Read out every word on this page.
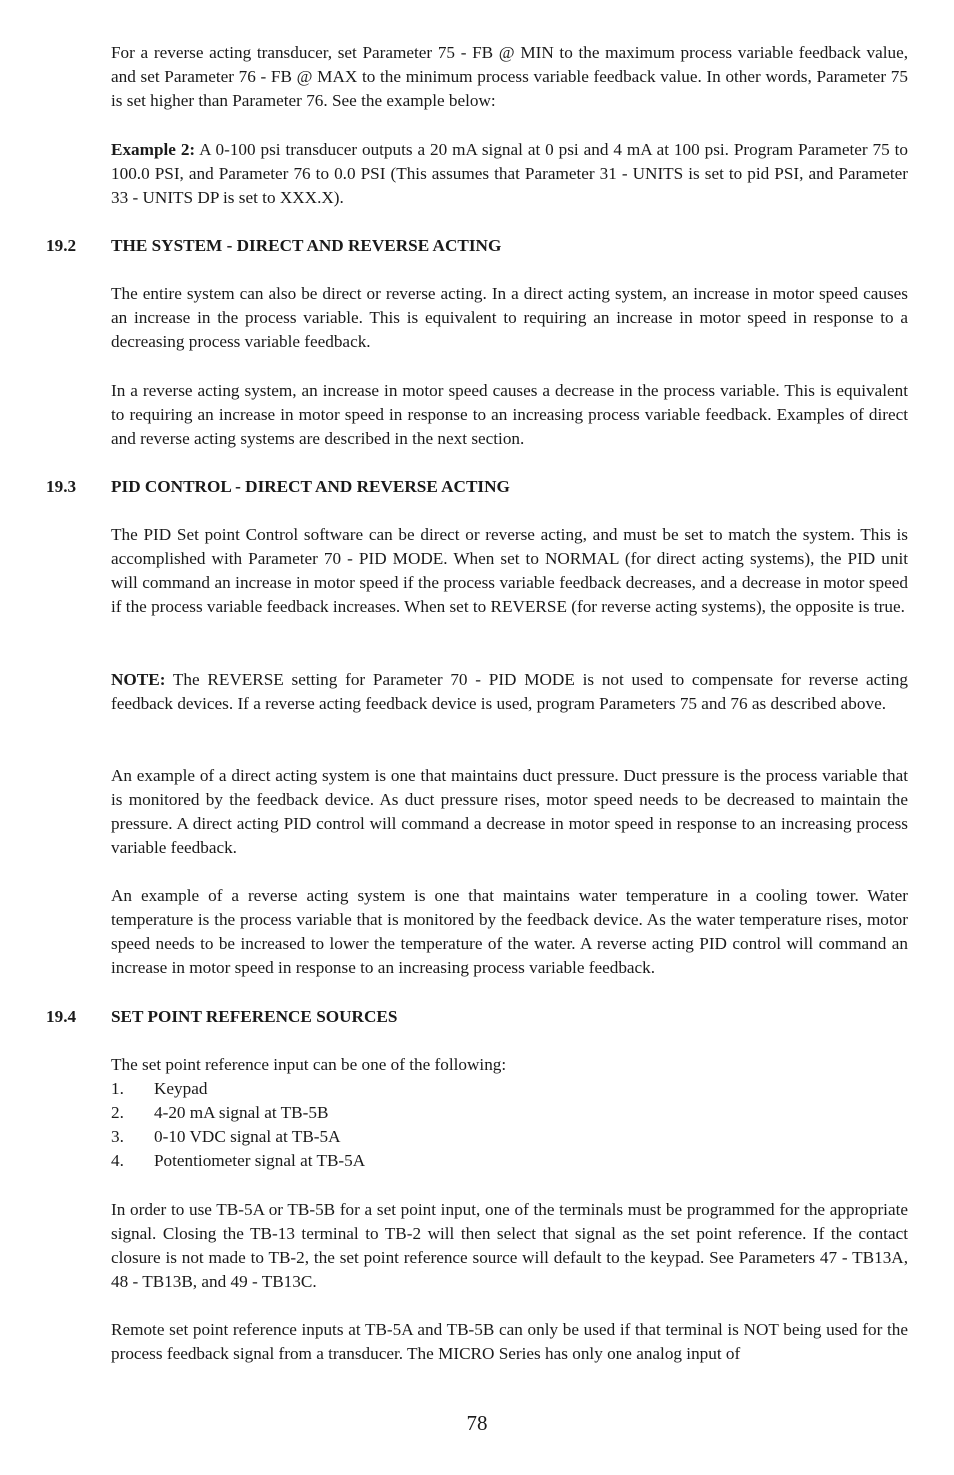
For a reverse acting transducer, set Parameter 75 - FB @ MIN to the maximum process variable feedback value, and set Parameter 76 - FB @ MAX to the minimum process variable feedback value. In other words, Parameter 75 is set higher than Parameter 76. See the example below:

Example 2: A 0-100 psi transducer outputs a 20 mA signal at 0 psi and 4 mA at 100 psi. Program Parameter 75 to 100.0 PSI, and Parameter 76 to 0.0 PSI (This assumes that Parameter 31 - UNITS is set to pid PSI, and Parameter 33 - UNITS DP is set to XXX.X).

19.2 THE SYSTEM - DIRECT AND REVERSE ACTING

The entire system can also be direct or reverse acting. In a direct acting system, an increase in motor speed causes an increase in the process variable. This is equivalent to requiring an increase in motor speed in response to a decreasing process variable feedback.

In a reverse acting system, an increase in motor speed causes a decrease in the process variable. This is equivalent to requiring an increase in motor speed in response to an increasing process variable feedback. Examples of direct and reverse acting systems are described in the next section.

19.3 PID CONTROL - DIRECT AND REVERSE ACTING

The PID Set point Control software can be direct or reverse acting, and must be set to match the system. This is accomplished with Parameter 70 - PID MODE. When set to NORMAL (for direct acting systems), the PID unit will command an increase in motor speed if the process variable feedback decreases, and a decrease in motor speed if the process variable feedback increases. When set to REVERSE (for reverse acting systems), the opposite is true.

NOTE: The REVERSE setting for Parameter 70 - PID MODE is not used to compensate for reverse acting feedback devices. If a reverse acting feedback device is used, program Parameters 75 and 76 as described above.

An example of a direct acting system is one that maintains duct pressure. Duct pressure is the process variable that is monitored by the feedback device. As duct pressure rises, motor speed needs to be decreased to maintain the pressure. A direct acting PID control will command a decrease in motor speed in response to an increasing process variable feedback.

An example of a reverse acting system is one that maintains water temperature in a cooling tower. Water temperature is the process variable that is monitored by the feedback device. As the water temperature rises, motor speed needs to be increased to lower the temperature of the water. A reverse acting PID control will command an increase in motor speed in response to an increasing process variable feedback.

19.4 SET POINT REFERENCE SOURCES

The set point reference input can be one of the following:

1. Keypad
2. 4-20 mA signal at TB-5B
3. 0-10 VDC signal at TB-5A
4. Potentiometer signal at TB-5A

In order to use TB-5A or TB-5B for a set point input, one of the terminals must be programmed for the appropriate signal. Closing the TB-13 terminal to TB-2 will then select that signal as the set point reference. If the contact closure is not made to TB-2, the set point reference source will default to the keypad. See Parameters 47 - TB13A, 48 - TB13B, and 49 - TB13C.

Remote set point reference inputs at TB-5A and TB-5B can only be used if that terminal is NOT being used for the process feedback signal from a transducer. The MICRO Series has only one analog input of

78
